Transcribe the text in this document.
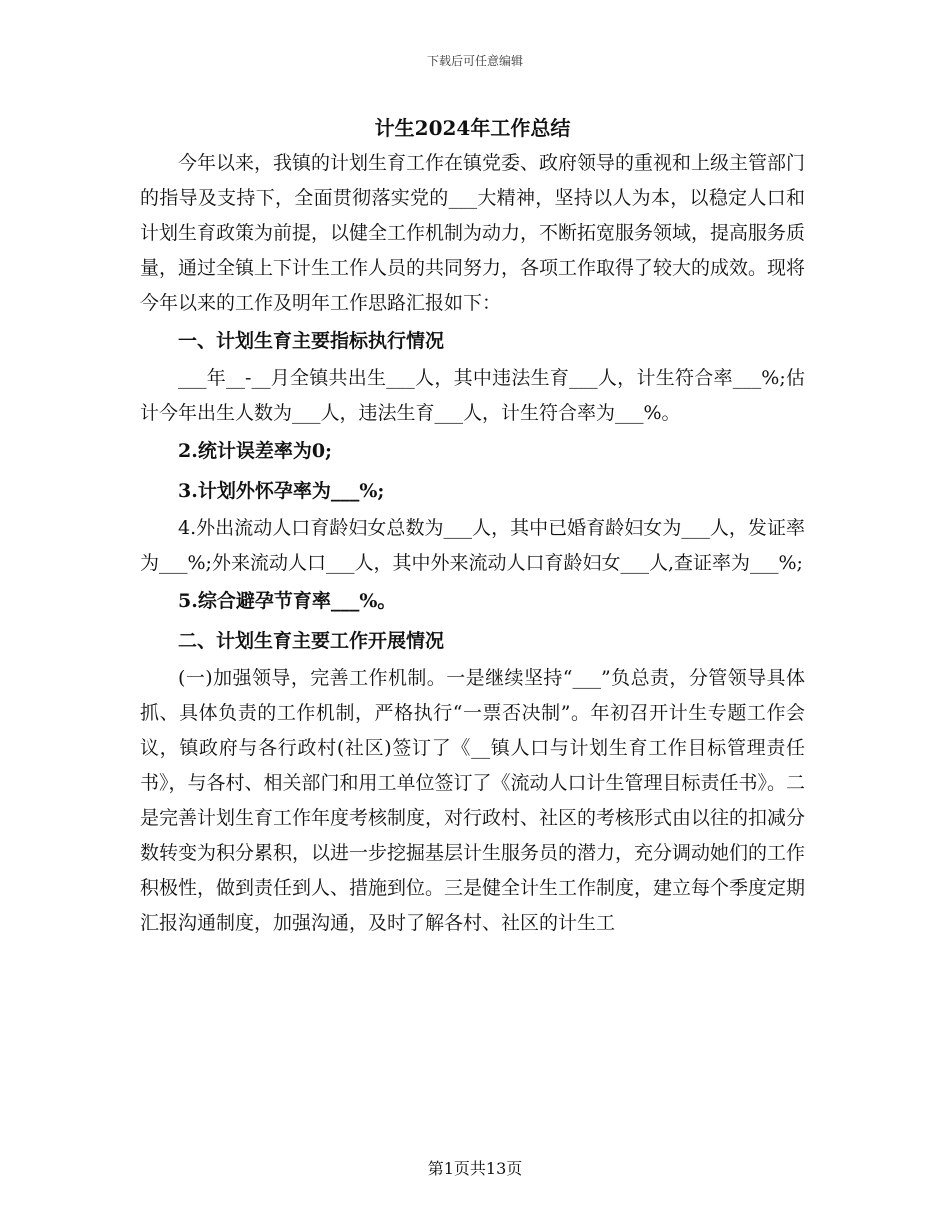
下载后可任意编辑
计生2024年工作总结

今年以来，我镇的计划生育工作在镇党委、政府领导的重视和上级主管部门的指导及支持下，全面贯彻落实党的___大精神，坚持以人为本，以稳定人口和计划生育政策为前提，以健全工作机制为动力，不断拓宽服务领域，提高服务质量，通过全镇上下计生工作人员的共同努力，各项工作取得了较大的成效。现将今年以来的工作及明年工作思路汇报如下：

一、计划生育主要指标执行情况

___年__-__月全镇共出生___人，其中违法生育___人，计生符合率___%;估计今年出生人数为___人，违法生育___人，计生符合率为___%。

2.统计误差率为0;

3.计划外怀孕率为___%;

4.外出流动人口育龄妇女总数为___人，其中已婚育龄妇女为___人，发证率为___%;外来流动人口___人，其中外来流动人口育龄妇女___人,查证率为___%;

5.综合避孕节育率___%。

二、计划生育主要工作开展情况

(一)加强领导，完善工作机制。一是继续坚持“___”负总责，分管领导具体抓、具体负责的工作机制，严格执行“一票否决制”。年初召开计生专题工作会议，镇政府与各行政村(社区)签订了《__镇人口与计划生育工作目标管理责任书》，与各村、相关部门和用工单位签订了《流动人口计生管理目标责任书》。二是完善计划生育工作年度考核制度，对行政村、社区的考核形式由以往的扣减分数转变为积分累积，以进一步挖掘基层计生服务员的潜力，充分调动她们的工作积极性，做到责任到人、措施到位。三是健全计生工作制度，建立每个季度定期汇报沟通制度，加强沟通，及时了解各村、社区的计生工

第1页共13页
